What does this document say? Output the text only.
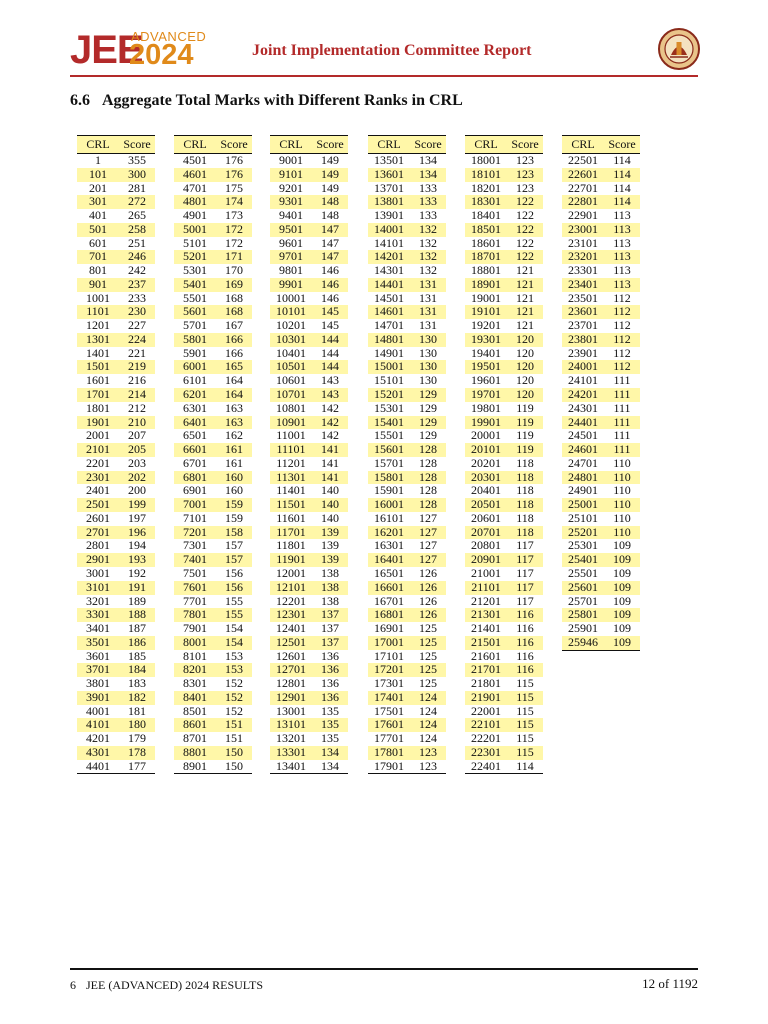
JEE
ADVANCED
2024	Joint Implementation Committee Report
6.6 Aggregate Total Marks with Different Ranks in CRL
CRL	Score
1	355
101	300
201	281
301	272
401	265
501	258
601	251
701	246
801	242
901	237
1001	233
1101	230
1201	227
1301	224
1401	221
1501	219
1601	216
1701	214
1801	212
1901	210
2001	207
2101	205
2201	203
2301	202
2401	200
2501	199
2601	197
2701	196
2801	194
2901	193
3001	192
3101	191
3201	189
3301	188
3401	187
3501	186
3601	185
3701	184
3801	183
3901	182
4001	181
4101	180
4201	179
4301	178
4401	177
CRL	Score
4501	176
4601	176
4701	175
4801	174
4901	173
5001	172
5101	172
5201	171
5301	170
5401	169
5501	168
5601	168
5701	167
5801	166
5901	166
6001	165
6101	164
6201	164
6301	163
6401	163
6501	162
6601	161
6701	161
6801	160
6901	160
7001	159
7101	159
7201	158
7301	157
7401	157
7501	156
7601	156
7701	155
7801	155
7901	154
8001	154
8101	153
8201	153
8301	152
8401	152
8501	152
8601	151
8701	151
8801	150
8901	150
CRL	Score
9001	149
9101	149
9201	149
9301	148
9401	148
9501	147
9601	147
9701	147
9801	146
9901	146
10001	146
10101	145
10201	145
10301	144
10401	144
10501	144
10601	143
10701	143
10801	142
10901	142
11001	142
11101	141
11201	141
11301	141
11401	140
11501	140
11601	140
11701	139
11801	139
11901	139
12001	138
12101	138
12201	138
12301	137
12401	137
12501	137
12601	136
12701	136
12801	136
12901	136
13001	135
13101	135
13201	135
13301	134
13401	134
CRL	Score
13501	134
13601	134
13701	133
13801	133
13901	133
14001	132
14101	132
14201	132
14301	132
14401	131
14501	131
14601	131
14701	131
14801	130
14901	130
15001	130
15101	130
15201	129
15301	129
15401	129
15501	129
15601	128
15701	128
15801	128
15901	128
16001	128
16101	127
16201	127
16301	127
16401	127
16501	126
16601	126
16701	126
16801	126
16901	125
17001	125
17101	125
17201	125
17301	125
17401	124
17501	124
17601	124
17701	124
17801	123
17901	123
CRL	Score
18001	123
18101	123
18201	123
18301	122
18401	122
18501	122
18601	122
18701	122
18801	121
18901	121
19001	121
19101	121
19201	121
19301	120
19401	120
19501	120
19601	120
19701	120
19801	119
19901	119
20001	119
20101	119
20201	118
20301	118
20401	118
20501	118
20601	118
20701	118
20801	117
20901	117
21001	117
21101	117
21201	117
21301	116
21401	116
21501	116
21601	116
21701	116
21801	115
21901	115
22001	115
22101	115
22201	115
22301	115
22401	114
CRL	Score
22501	114
22601	114
22701	114
22801	114
22901	113
23001	113
23101	113
23201	113
23301	113
23401	113
23501	112
23601	112
23701	112
23801	112
23901	112
24001	112
24101	111
24201	111
24301	111
24401	111
24501	111
24601	111
24701	110
24801	110
24901	110
25001	110
25101	110
25201	110
25301	109
25401	109
25501	109
25601	109
25701	109
25801	109
25901	109
25946	109
6 JEE (ADVANCED) 2024 RESULTS	12 of 1192
